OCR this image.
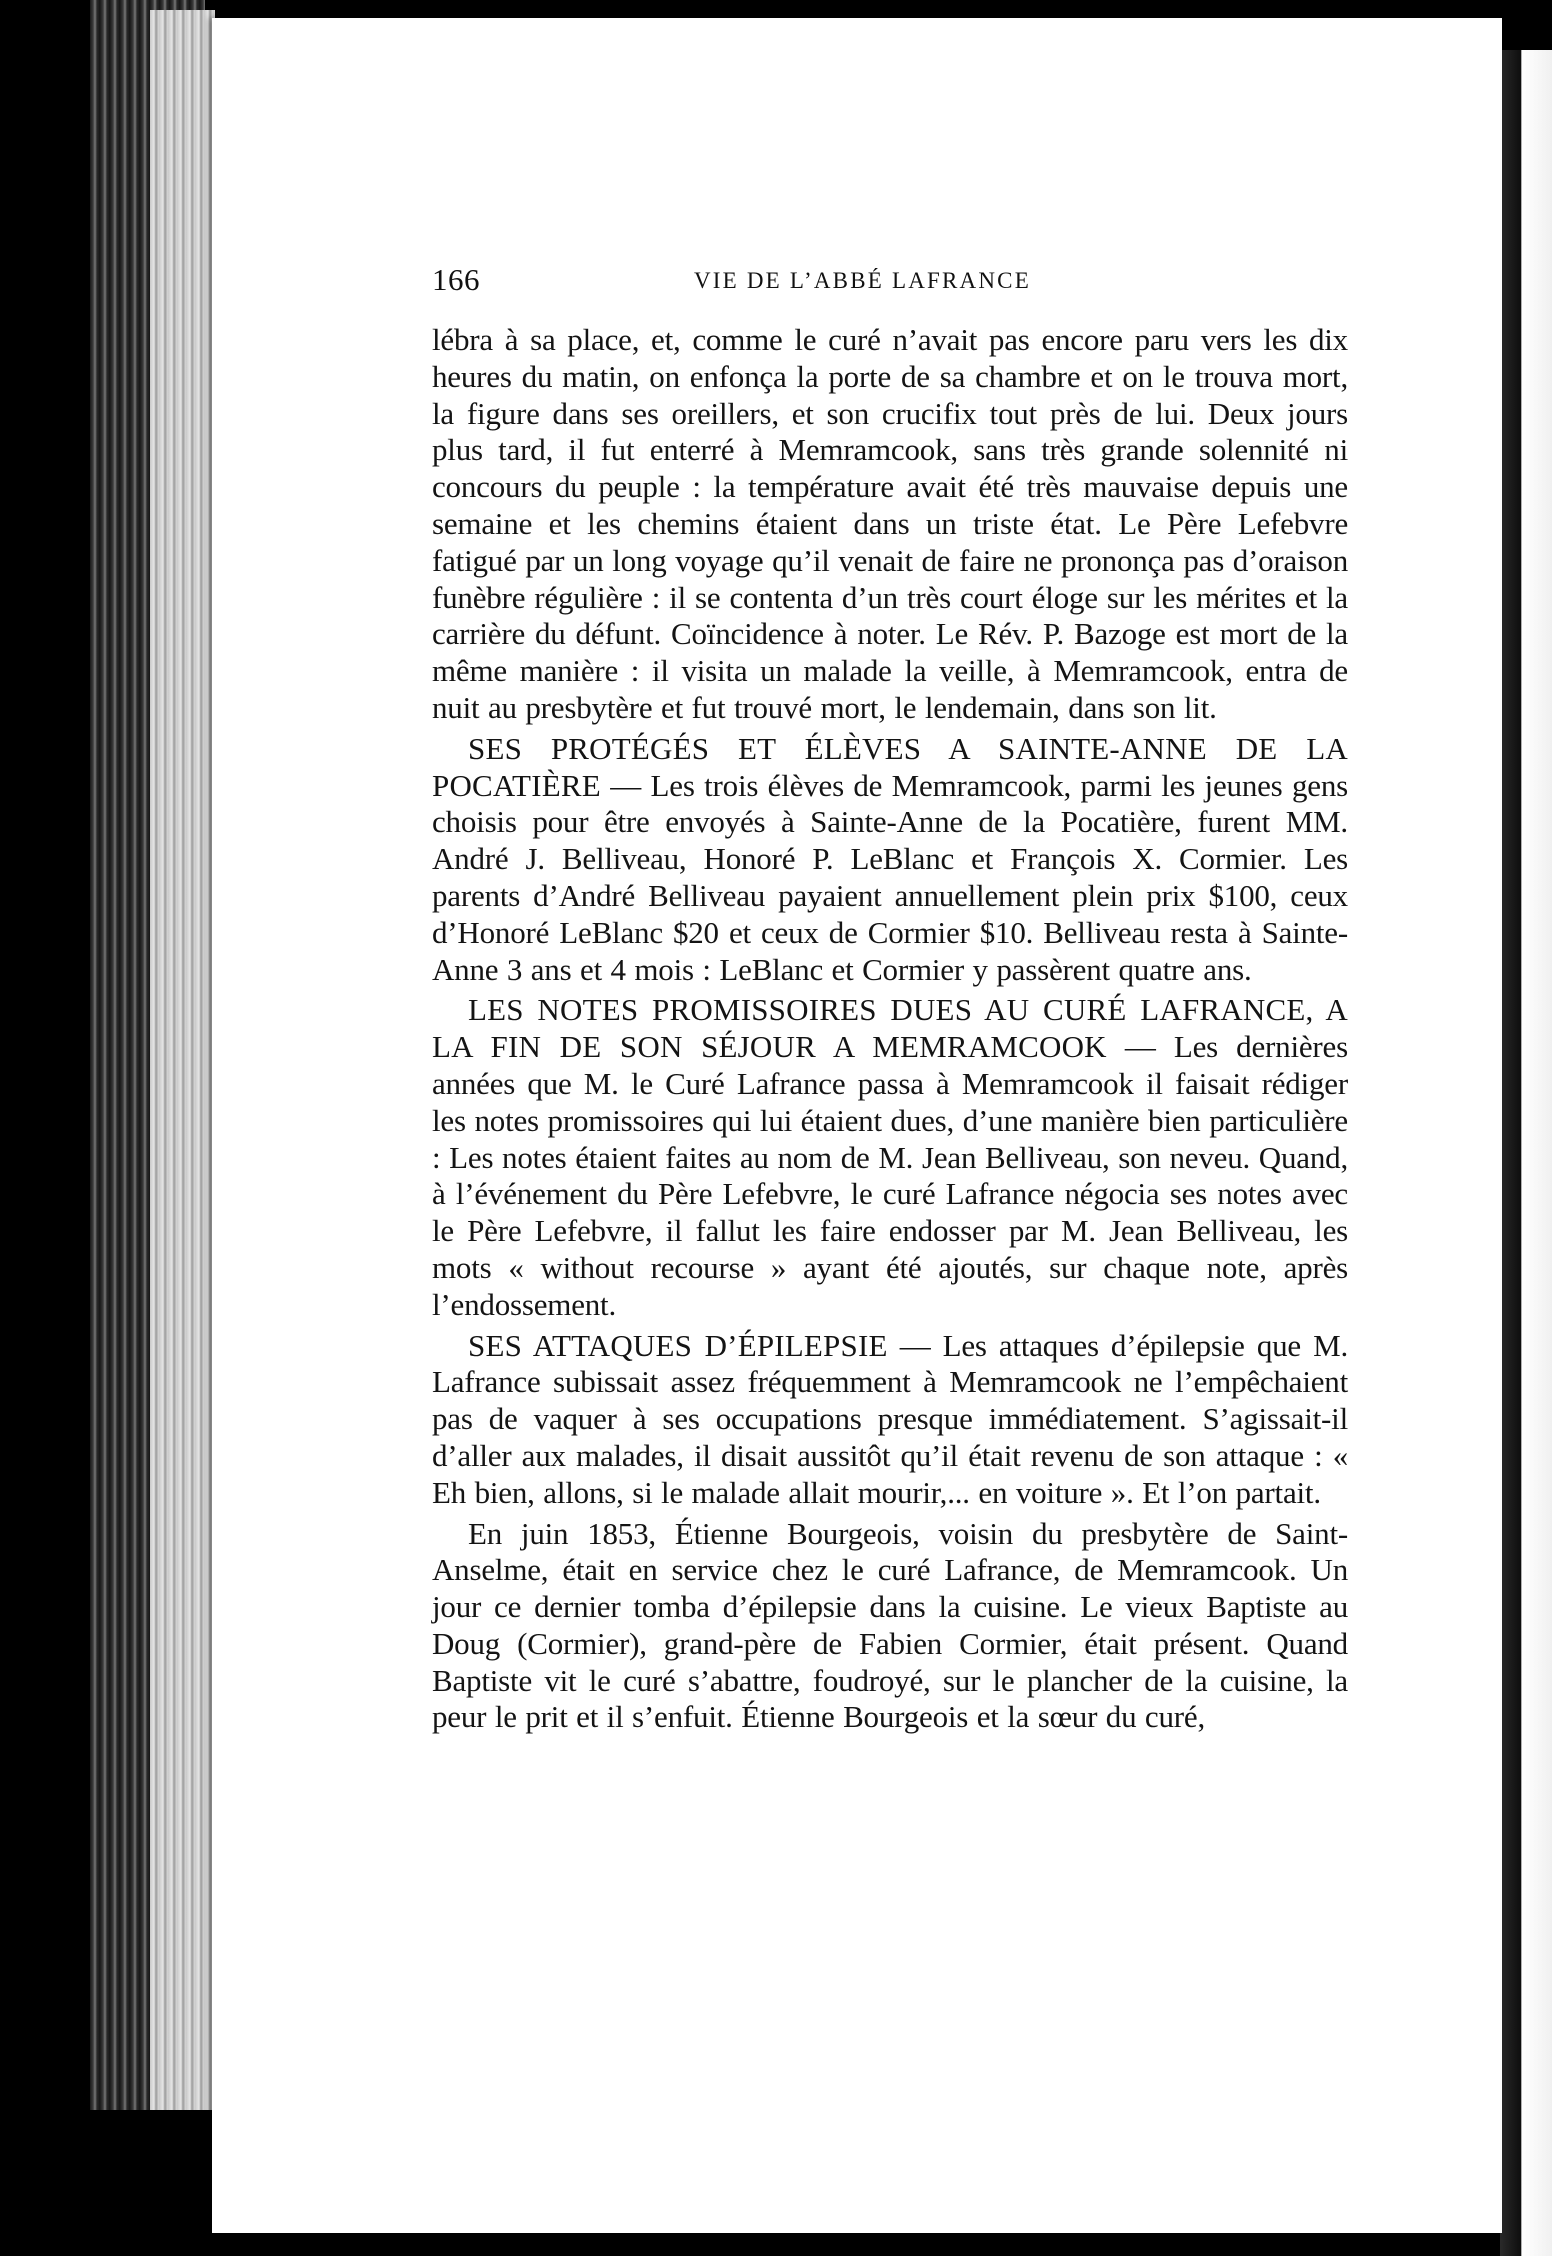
166	VIE DE L’ABBÉ LAFRANCE

lébra à sa place, et, comme le curé n’avait pas encore paru vers les dix heures du matin, on enfonça la porte de sa chambre et on le trouva mort, la figure dans ses oreillers, et son crucifix tout près de lui. Deux jours plus tard, il fut enterré à Memramcook, sans très grande solennité ni concours du peuple : la température avait été très mauvaise depuis une semaine et les chemins étaient dans un triste état. Le Père Lefebvre fatigué par un long voyage qu’il venait de faire ne prononça pas d’oraison funèbre régulière : il se contenta d’un très court éloge sur les mérites et la carrière du défunt. Coïncidence à noter. Le Rév. P. Bazoge est mort de la même manière : il visita un malade la veille, à Memramcook, entra de nuit au presbytère et fut trouvé mort, le lendemain, dans son lit.

SES PROTÉGÉS ET ÉLÈVES A SAINTE-ANNE DE LA POCATIÈRE — Les trois élèves de Memramcook, parmi les jeunes gens choisis pour être envoyés à Sainte-Anne de la Pocatière, furent MM. André J. Belliveau, Honoré P. LeBlanc et François X. Cormier. Les parents d’André Belliveau payaient annuellement plein prix $100, ceux d’Honoré LeBlanc $20 et ceux de Cormier $10. Belliveau resta à Sainte-Anne 3 ans et 4 mois : LeBlanc et Cormier y passèrent quatre ans.

LES NOTES PROMISSOIRES DUES AU CURÉ LAFRANCE, A LA FIN DE SON SÉJOUR A MEMRAMCOOK — Les dernières années que M. le Curé Lafrance passa à Memramcook il faisait rédiger les notes promissoires qui lui étaient dues, d’une manière bien particulière : Les notes étaient faites au nom de M. Jean Belliveau, son neveu. Quand, à l’événement du Père Lefebvre, le curé Lafrance négocia ses notes avec le Père Lefebvre, il fallut les faire endosser par M. Jean Belliveau, les mots « without recourse » ayant été ajoutés, sur chaque note, après l’endossement.

SES ATTAQUES D’ÉPILEPSIE — Les attaques d’épilepsie que M. Lafrance subissait assez fréquemment à Memramcook ne l’empêchaient pas de vaquer à ses occupations presque immédiatement. S’agissait-il d’aller aux malades, il disait aussitôt qu’il était revenu de son attaque : « Eh bien, allons, si le malade allait mourir,... en voiture ». Et l’on partait.

En juin 1853, Étienne Bourgeois, voisin du presbytère de Saint-Anselme, était en service chez le curé Lafrance, de Memramcook. Un jour ce dernier tomba d’épilepsie dans la cuisine. Le vieux Baptiste au Doug (Cormier), grand-père de Fabien Cormier, était présent. Quand Baptiste vit le curé s’abattre, foudroyé, sur le plancher de la cuisine, la peur le prit et il s’enfuit. Étienne Bourgeois et la sœur du curé,
